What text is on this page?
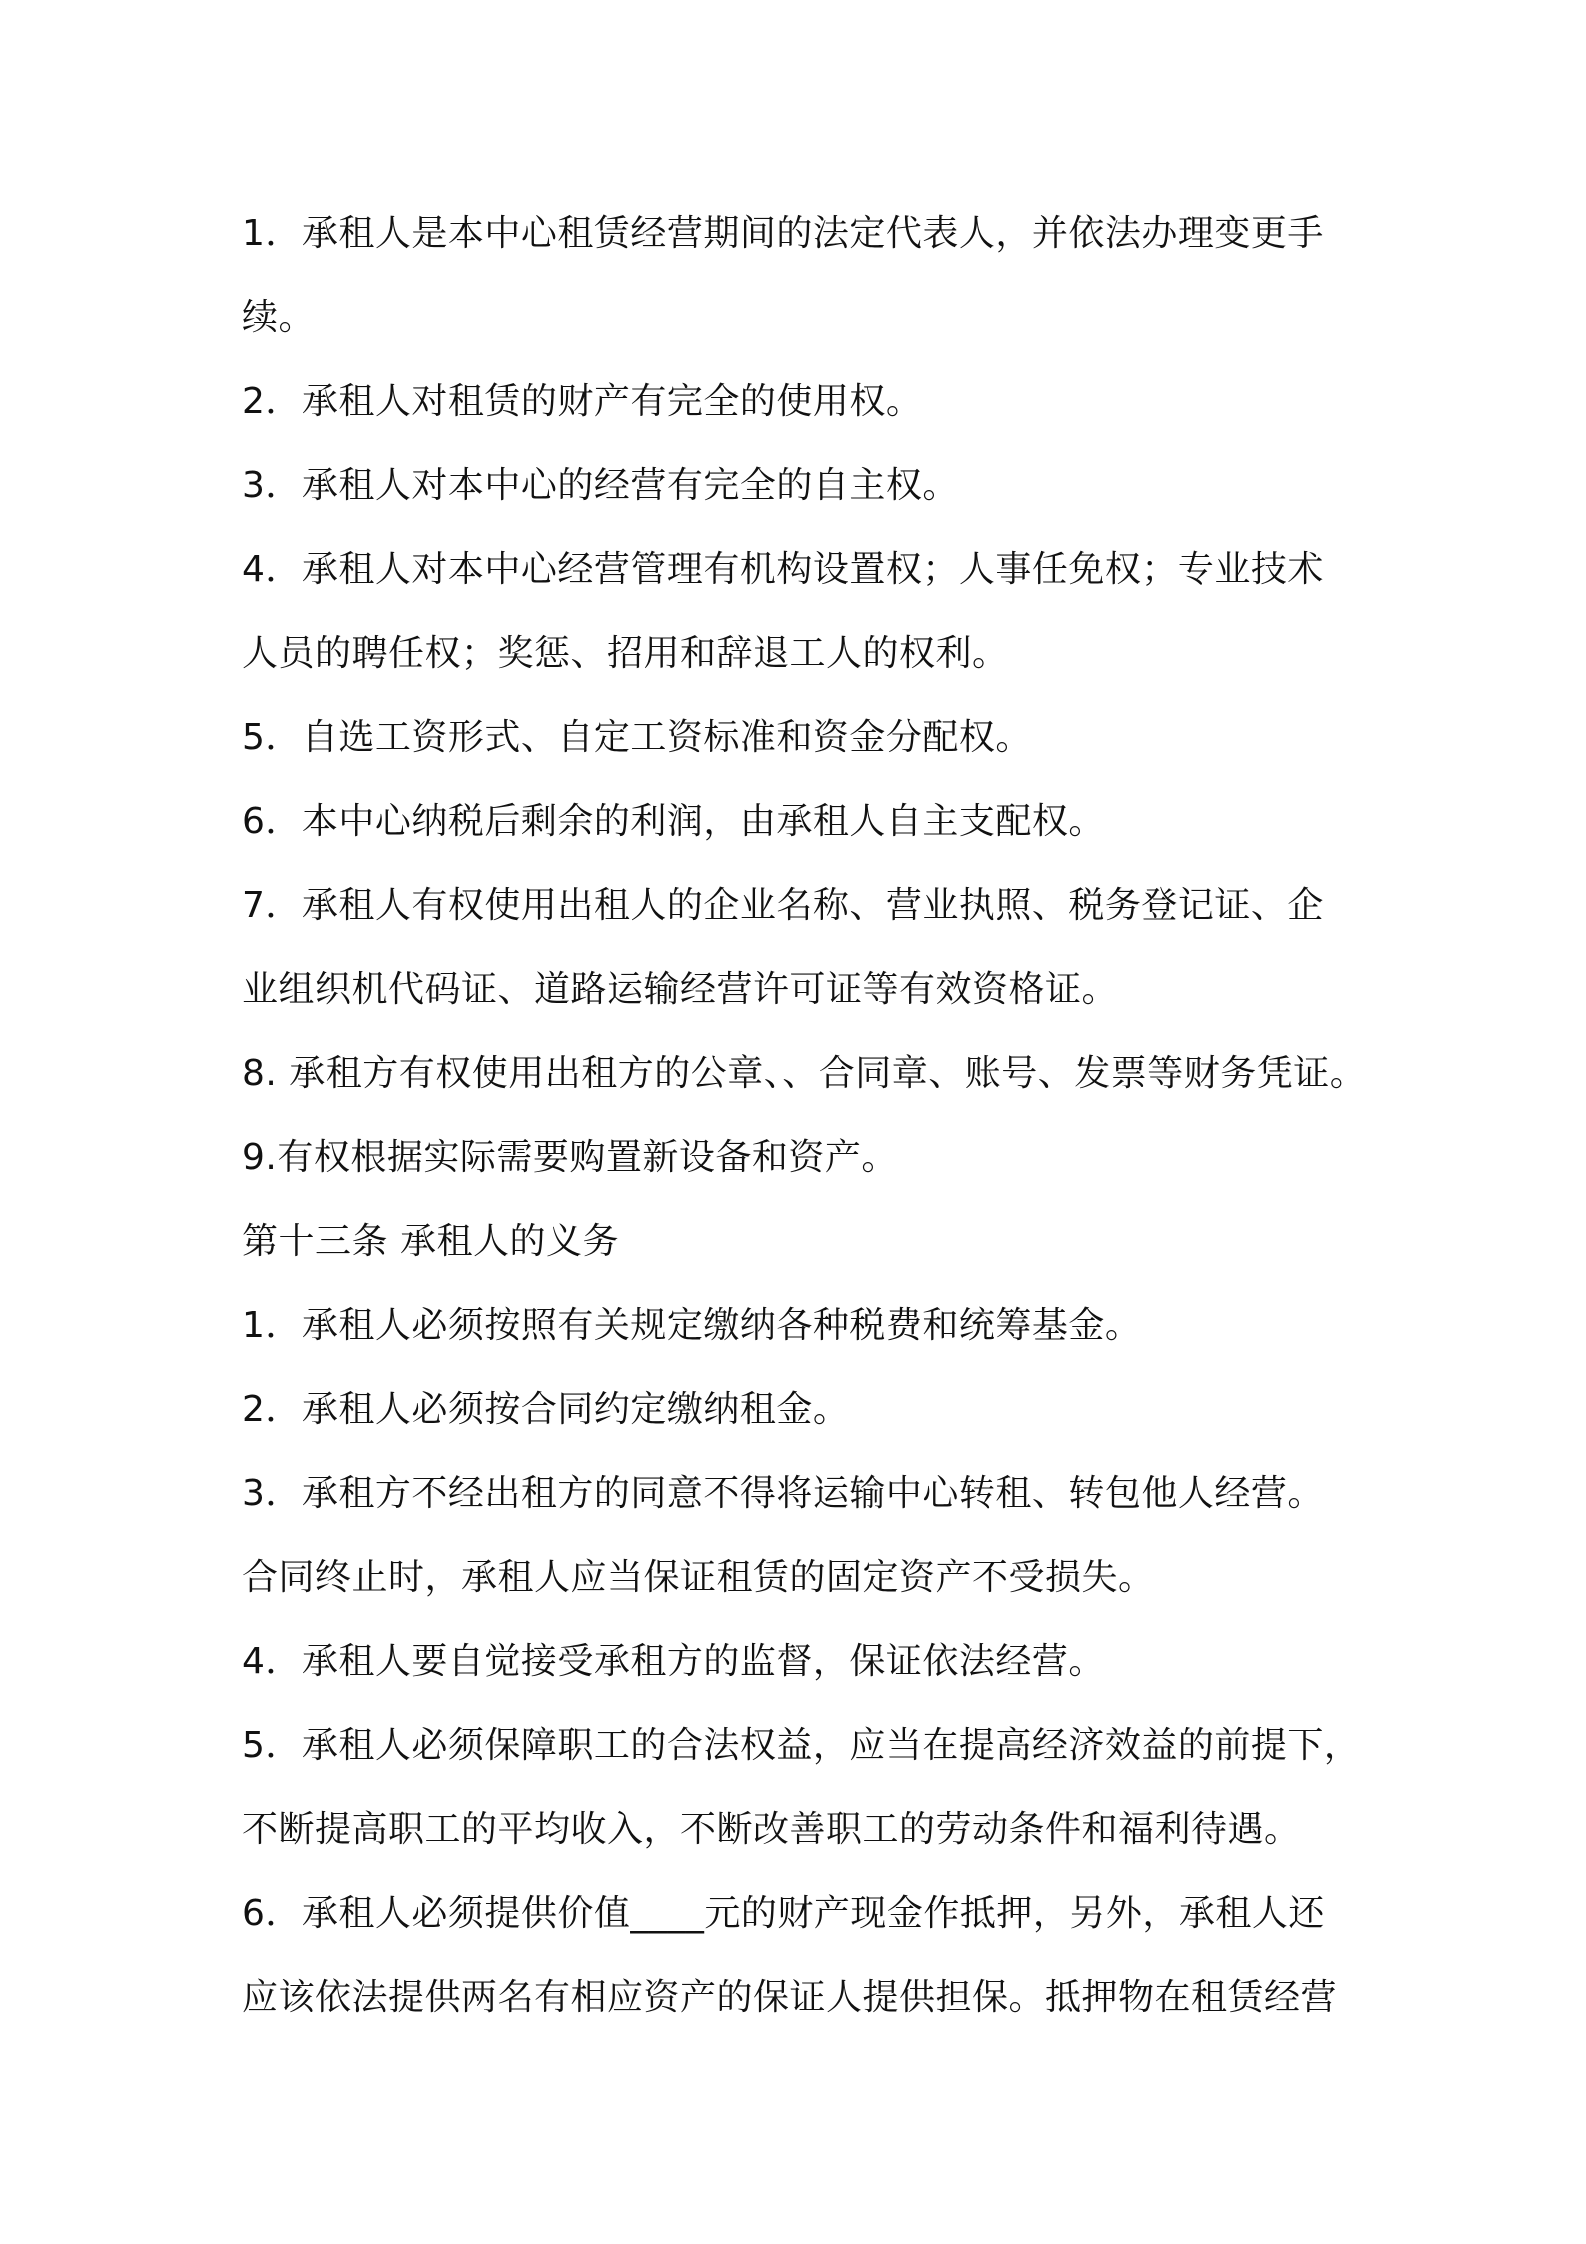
1．承租人是本中心租赁经营期间的法定代表人，并依法办理变更手
续。
2．承租人对租赁的财产有完全的使用权。
3．承租人对本中心的经营有完全的自主权。
4．承租人对本中心经营管理有机构设置权；人事任免权；专业技术
人员的聘任权；奖惩、招用和辞退工人的权利。
5．自选工资形式、自定工资标准和资金分配权。
6．本中心纳税后剩余的利润，由承租人自主支配权。
7．承租人有权使用出租人的企业名称、营业执照、税务登记证、企
业组织机代码证、道路运输经营许可证等有效资格证。
8. 承租方有权使用出租方的公章、、合同章、账号、发票等财务凭证。
9.有权根据实际需要购置新设备和资产。
第十三条 承租人的义务
1．承租人必须按照有关规定缴纳各种税费和统筹基金。
2．承租人必须按合同约定缴纳租金。
3．承租方不经出租方的同意不得将运输中心转租、转包他人经营。
合同终止时，承租人应当保证租赁的固定资产不受损失。
4．承租人要自觉接受承租方的监督，保证依法经营。
5．承租人必须保障职工的合法权益，应当在提高经济效益的前提下，
不断提高职工的平均收入，不断改善职工的劳动条件和福利待遇。
6．承租人必须提供价值____元的财产现金作抵押，另外，承租人还
应该依法提供两名有相应资产的保证人提供担保。抵押物在租赁经营
